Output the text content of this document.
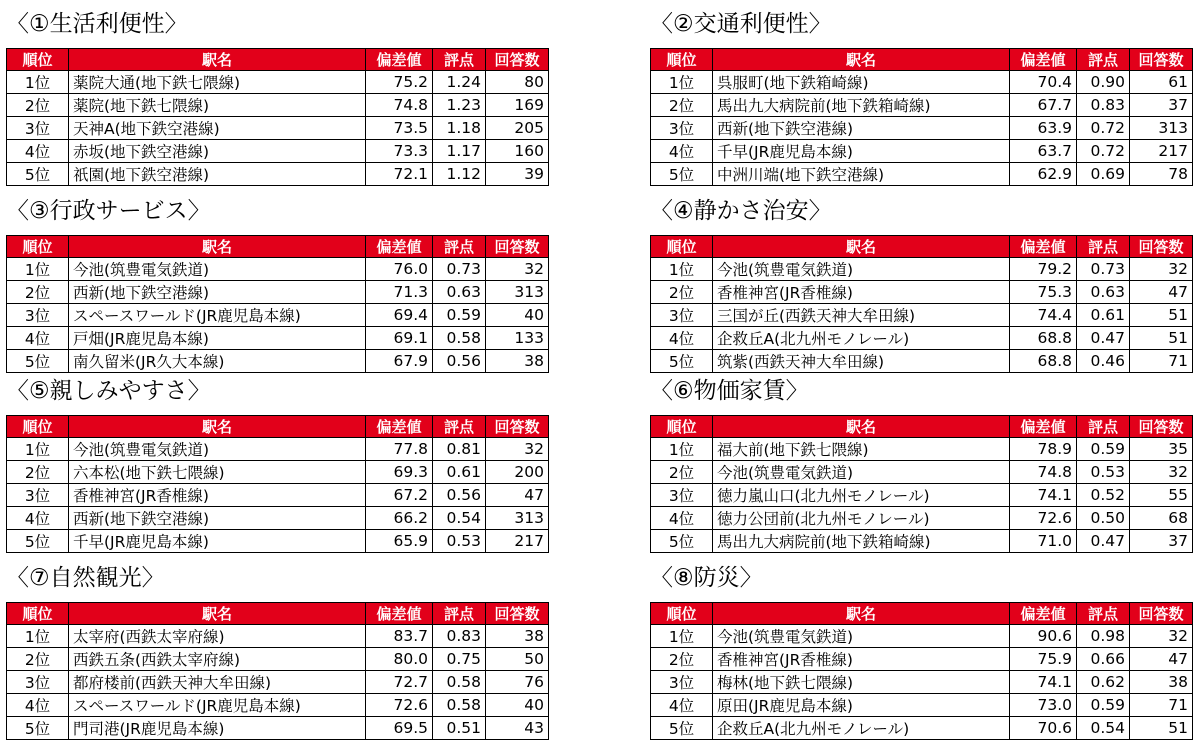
〈①生活利便性〉
順位	駅名	偏差値	評点	回答数
1位	薬院大通(地下鉄七隈線)	75.2	1.24	80
2位	薬院(地下鉄七隈線)	74.8	1.23	169
3位	天神A(地下鉄空港線)	73.5	1.18	205
4位	赤坂(地下鉄空港線)	73.3	1.17	160
5位	祇園(地下鉄空港線)	72.1	1.12	39
〈②交通利便性〉
順位	駅名	偏差値	評点	回答数
1位	呉服町(地下鉄箱崎線)	70.4	0.90	61
2位	馬出九大病院前(地下鉄箱崎線)	67.7	0.83	37
3位	西新(地下鉄空港線)	63.9	0.72	313
4位	千早(JR鹿児島本線)	63.7	0.72	217
5位	中洲川端(地下鉄空港線)	62.9	0.69	78
〈③行政サービス〉
順位	駅名	偏差値	評点	回答数
1位	今池(筑豊電気鉄道)	76.0	0.73	32
2位	西新(地下鉄空港線)	71.3	0.63	313
3位	スペースワールド(JR鹿児島本線)	69.4	0.59	40
4位	戸畑(JR鹿児島本線)	69.1	0.58	133
5位	南久留米(JR久大本線)	67.9	0.56	38
〈④静かさ治安〉
順位	駅名	偏差値	評点	回答数
1位	今池(筑豊電気鉄道)	79.2	0.73	32
2位	香椎神宮(JR香椎線)	75.3	0.63	47
3位	三国が丘(西鉄天神大牟田線)	74.4	0.61	51
4位	企救丘A(北九州モノレール)	68.8	0.47	51
5位	筑紫(西鉄天神大牟田線)	68.8	0.46	71
〈⑤親しみやすさ〉
順位	駅名	偏差値	評点	回答数
1位	今池(筑豊電気鉄道)	77.8	0.81	32
2位	六本松(地下鉄七隈線)	69.3	0.61	200
3位	香椎神宮(JR香椎線)	67.2	0.56	47
4位	西新(地下鉄空港線)	66.2	0.54	313
5位	千早(JR鹿児島本線)	65.9	0.53	217
〈⑥物価家賃〉
順位	駅名	偏差値	評点	回答数
1位	福大前(地下鉄七隈線)	78.9	0.59	35
2位	今池(筑豊電気鉄道)	74.8	0.53	32
3位	徳力嵐山口(北九州モノレール)	74.1	0.52	55
4位	徳力公団前(北九州モノレール)	72.6	0.50	68
5位	馬出九大病院前(地下鉄箱崎線)	71.0	0.47	37
〈⑦自然観光〉
順位	駅名	偏差値	評点	回答数
1位	太宰府(西鉄太宰府線)	83.7	0.83	38
2位	西鉄五条(西鉄太宰府線)	80.0	0.75	50
3位	都府楼前(西鉄天神大牟田線)	72.7	0.58	76
4位	スペースワールド(JR鹿児島本線)	72.6	0.58	40
5位	門司港(JR鹿児島本線)	69.5	0.51	43
〈⑧防災〉
順位	駅名	偏差値	評点	回答数
1位	今池(筑豊電気鉄道)	90.6	0.98	32
2位	香椎神宮(JR香椎線)	75.9	0.66	47
3位	梅林(地下鉄七隈線)	74.1	0.62	38
4位	原田(JR鹿児島本線)	73.0	0.59	71
5位	企救丘A(北九州モノレール)	70.6	0.54	51
